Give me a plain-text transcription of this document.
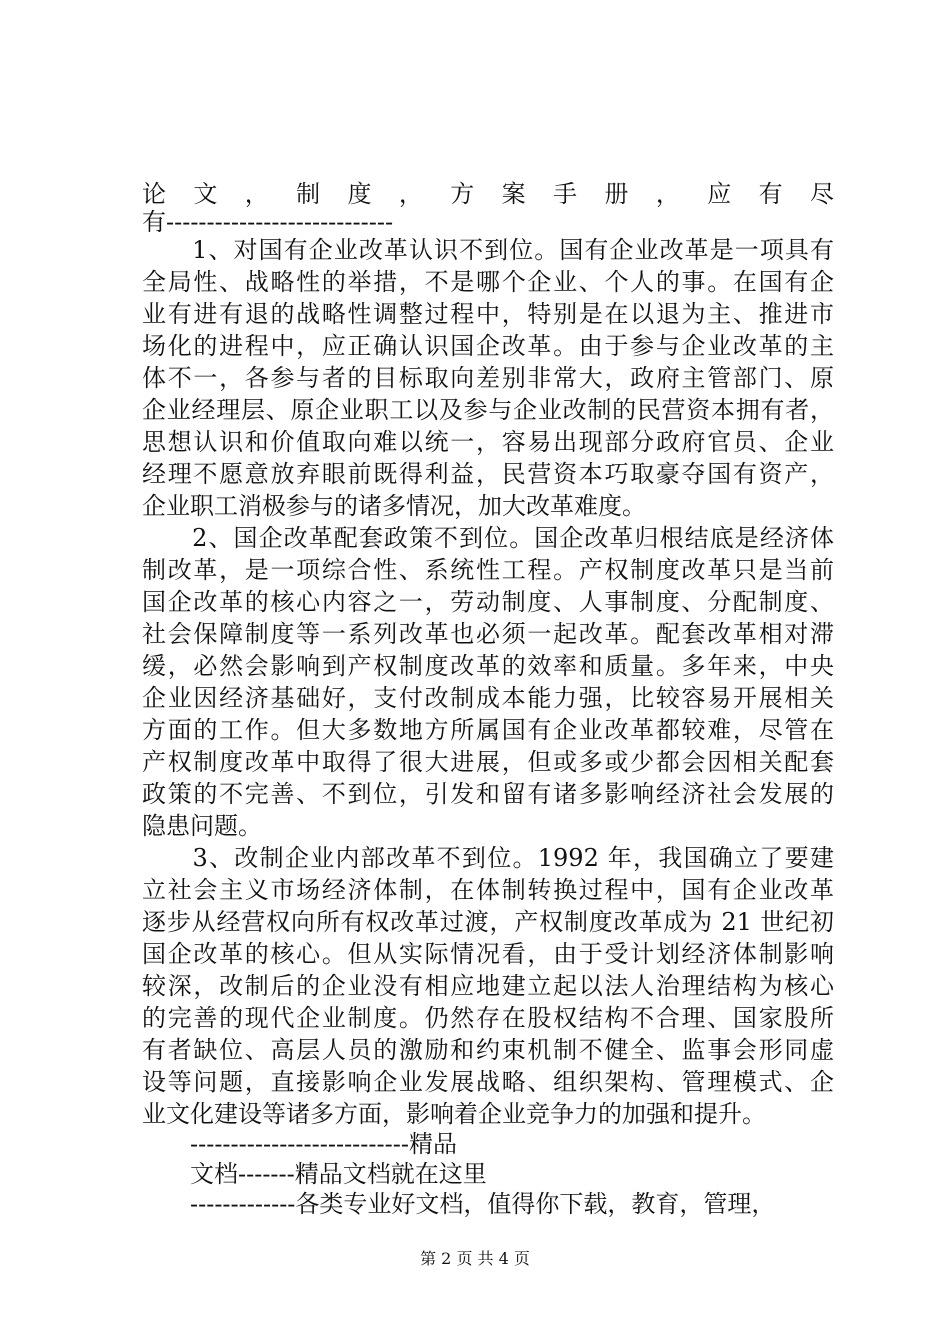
论 文 ， 制 度 ， 方 案 手 册 ， 应 有 尽
有----------------------------
　　1、对国有企业改革认识不到位。国有企业改革是一项具有
全局性、战略性的举措，不是哪个企业、个人的事。在国有企
业有进有退的战略性调整过程中，特别是在以退为主、推进市
场化的进程中，应正确认识国企改革。由于参与企业改革的主
体不一，各参与者的目标取向差别非常大，政府主管部门、原
企业经理层、原企业职工以及参与企业改制的民营资本拥有者，
思想认识和价值取向难以统一，容易出现部分政府官员、企业
经理不愿意放弃眼前既得利益，民营资本巧取豪夺国有资产，
企业职工消极参与的诸多情况，加大改革难度。
　　2、国企改革配套政策不到位。国企改革归根结底是经济体
制改革，是一项综合性、系统性工程。产权制度改革只是当前
国企改革的核心内容之一，劳动制度、人事制度、分配制度、
社会保障制度等一系列改革也必须一起改革。配套改革相对滞
缓，必然会影响到产权制度改革的效率和质量。多年来，中央
企业因经济基础好，支付改制成本能力强，比较容易开展相关
方面的工作。但大多数地方所属国有企业改革都较难，尽管在
产权制度改革中取得了很大进展，但或多或少都会因相关配套
政策的不完善、不到位，引发和留有诸多影响经济社会发展的
隐患问题。
　　3、改制企业内部改革不到位。1992 年，我国确立了要建
立社会主义市场经济体制，在体制转换过程中，国有企业改革
逐步从经营权向所有权改革过渡，产权制度改革成为 21 世纪初
国企改革的核心。但从实际情况看，由于受计划经济体制影响
较深，改制后的企业没有相应地建立起以法人治理结构为核心
的完善的现代企业制度。仍然存在股权结构不合理、国家股所
有者缺位、高层人员的激励和约束机制不健全、监事会形同虚
设等问题，直接影响企业发展战略、组织架构、管理模式、企
业文化建设等诸多方面，影响着企业竞争力的加强和提升。
　　---------------------------精品
　　文档-------精品文档就在这里
　　-------------各类专业好文档，值得你下载，教育，管理，
第 2 页 共 4 页
